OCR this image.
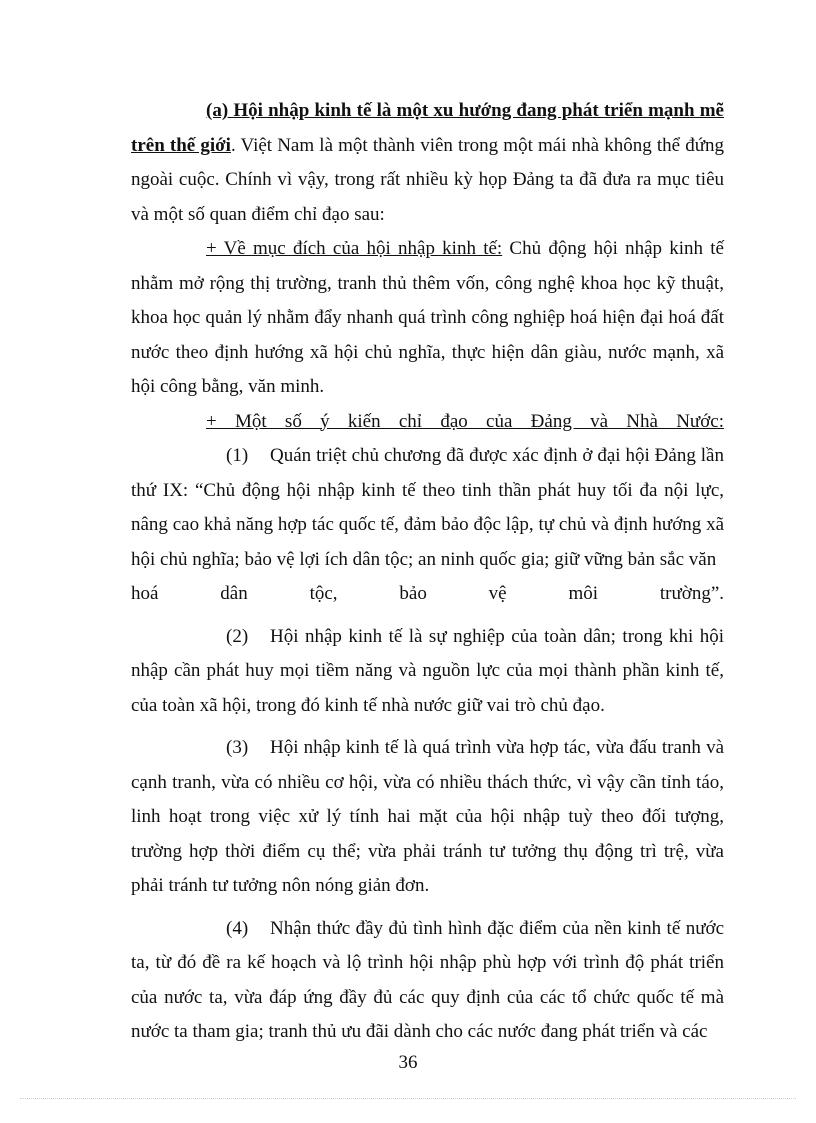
(a) Hội nhập kinh tế là một xu hướng đang phát triển mạnh mẽ trên thế giới. Việt Nam là một thành viên trong một mái nhà không thể đứng ngoài cuộc. Chính vì vậy, trong rất nhiều kỳ họp Đảng ta đã đưa ra mục tiêu và một số quan điểm chỉ đạo sau:

+ Về mục đích của hội nhập kinh tế: Chủ động hội nhập kinh tế nhằm mở rộng thị trường, tranh thủ thêm vốn, công nghệ khoa học kỹ thuật, khoa học quản lý nhằm đẩy nhanh quá trình công nghiệp hoá hiện đại hoá đất nước theo định hướng xã hội chủ nghĩa, thực hiện dân giàu, nước mạnh, xã hội công bằng, văn minh.

+ Một số ý kiến chỉ đạo của Đảng và Nhà Nước:

(1) Quán triệt chủ chương đã được xác định ở đại hội Đảng lần thứ IX: “Chủ động hội nhập kinh tế theo tinh thần phát huy tối đa nội lực, nâng cao khả năng hợp tác quốc tế, đảm bảo độc lập, tự chủ và định hướng xã hội chủ nghĩa; bảo vệ lợi ích dân tộc; an ninh quốc gia; giữ vững bản sắc văn

hoá dân tộc, bảo vệ môi trường”.

(2) Hội nhập kinh tế là sự nghiệp của toàn dân; trong khi hội nhập cần phát huy mọi tiềm năng và nguồn lực của mọi thành phần kinh tế, của toàn xã hội, trong đó kinh tế nhà nước giữ vai trò chủ đạo.

(3) Hội nhập kinh tế là quá trình vừa hợp tác, vừa đấu tranh và cạnh tranh, vừa có nhiều cơ hội, vừa có nhiều thách thức, vì vậy cần tỉnh táo, linh hoạt trong việc xử lý tính hai mặt của hội nhập tuỳ theo đối tượng, trường hợp thời điểm cụ thể; vừa phải tránh tư tưởng thụ động trì trệ, vừa phải tránh tư tưởng nôn nóng giản đơn.

(4) Nhận thức đầy đủ tình hình đặc điểm của nền kinh tế nước ta, từ đó đề ra kế hoạch và lộ trình hội nhập phù hợp với trình độ phát triển của nước ta, vừa đáp ứng đầy đủ các quy định của các tổ chức quốc tế mà nước ta tham gia; tranh thủ ưu đãi dành cho các nước đang phát triển và các

36
